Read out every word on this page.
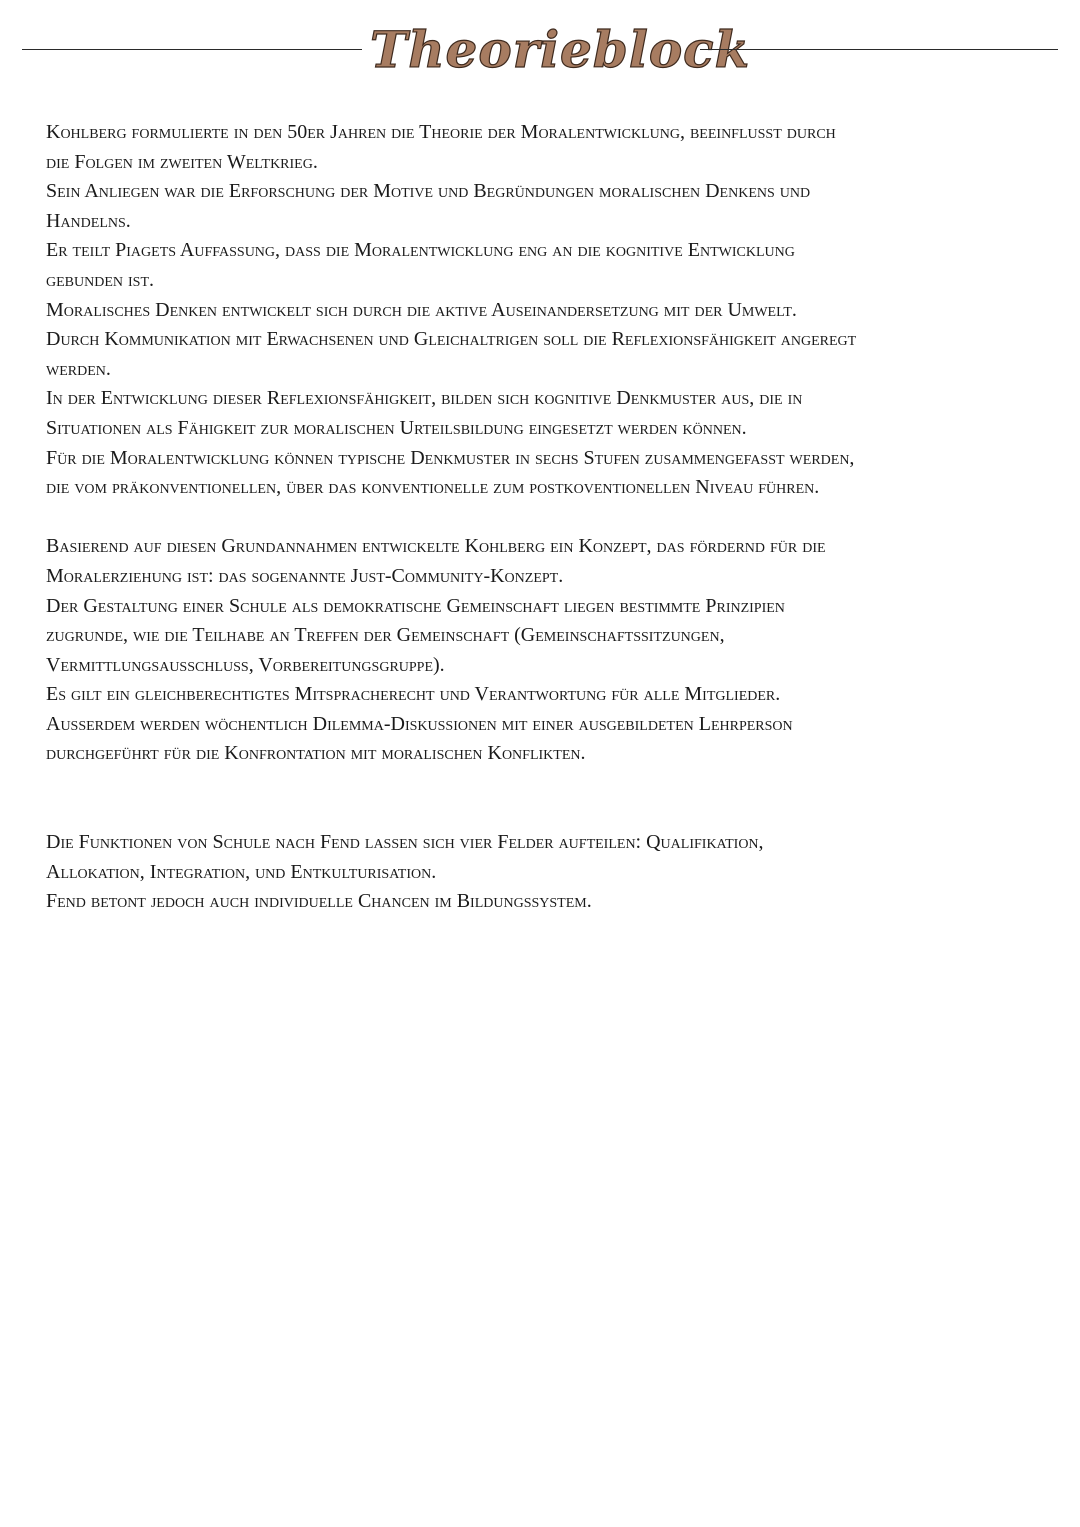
Theorieblock
Kohlberg formulierte in den 50er Jahren die Theorie der Moralentwicklung, beeinflusst durch
die Folgen im zweiten Weltkrieg.
Sein Anliegen war die Erforschung der Motive und Begründungen moralischen Denkens und
Handelns.
Er teilt Piagets Auffassung, dass die Moralentwicklung eng an die kognitive Entwicklung
gebunden ist.
Moralisches Denken entwickelt sich durch die aktive Auseinandersetzung mit der Umwelt.
Durch Kommunikation mit Erwachsenen und Gleichaltrigen soll die Reflexionsfähigkeit angeregt
werden.
In der Entwicklung dieser Reflexionsfähigkeit, bilden sich kognitive Denkmuster aus, die in
Situationen als Fähigkeit zur moralischen Urteilsbildung eingesetzt werden können.
Für die Moralentwicklung können typische Denkmuster in sechs Stufen zusammengefasst werden,
die vom präkonventionellen, über das konventionelle zum postkoventionellen Niveau führen.
Basierend auf diesen Grundannahmen entwickelte Kohlberg ein Konzept, das fördernd für die
Moralerziehung ist: das sogenannte Just-Community-Konzept.
Der Gestaltung einer Schule als demokratische Gemeinschaft liegen bestimmte Prinzipien
zugrunde, wie die Teilhabe an Treffen der Gemeinschaft (Gemeinschaftssitzungen,
Vermittlungsausschluss, Vorbereitungsgruppe).
Es gilt ein gleichberechtigtes Mitspracherecht und Verantwortung für alle Mitglieder.
Ausserdem werden wöchentlich Dilemma-Diskussionen mit einer ausgebildeten Lehrperson
durchgeführt für die Konfrontation mit moralischen Konflikten.
Die Funktionen von Schule nach Fend lassen sich vier Felder aufteilen: Qualifikation,
Allokation, Integration, und Entkulturisation.
Fend betont jedoch auch individuelle Chancen im Bildungssystem.
